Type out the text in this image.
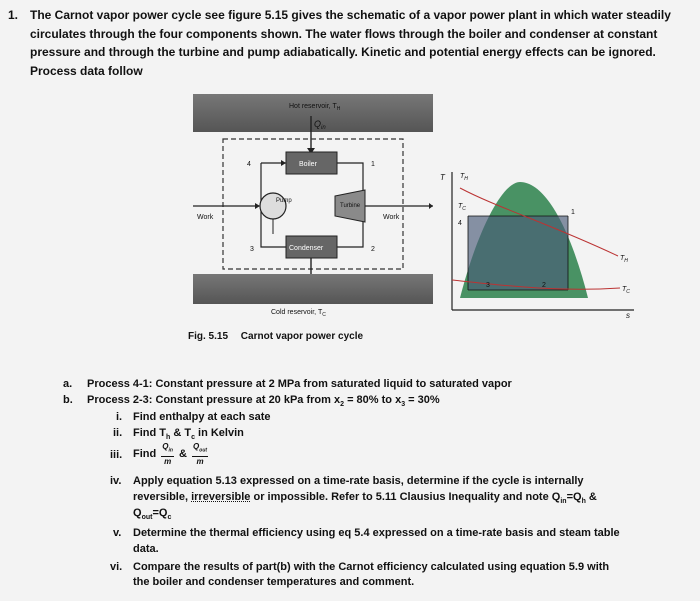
1. The Carnot vapor power cycle see figure 5.15 gives the schematic of a vapor power plant in which water steadily circulates through the four components shown. The water flows through the boiler and condenser at constant pressure and through the turbine and pump adiabatically. Kinetic and potential energy effects can be ignored. Process data follow
Hot reservoir, $T_H$
$Q_{in}$
Boiler
Pump
Turbine
Condenser
Work	Work
4	1
3	2
Cold reservoir, $T_C$
T
s
$T_H$
$T_C$
$T_H$
$T_C$
1
2
3
4
Fig. 5.15 Carnot vapor power cycle
a. Process 4-1: Constant pressure at 2 MPa from saturated liquid to saturated vapor
b. Process 2-3: Constant pressure at 20 kPa from $x_2 = 80\%$ to $x_3 = 30\%$
i. Find enthalpy at each sate
ii. Find $T_h$ & $T_c$ in Kelvin
iii. Find $\frac{Q_{in}}{m}$ & $\frac{Q_{out}}{m}$
iv. Apply equation 5.13 expressed on a time-rate basis, determine if the cycle is internally
reversible, irreversible or impossible. Refer to 5.11 Clausius Inequality and note $Q_{in}=Q_h$ &
$Q_{out}=Q_c$
v. Determine the thermal efficiency using eq 5.4 expressed on a time-rate basis and steam table
data.
vi. Compare the results of part(b) with the Carnot efficiency calculated using equation 5.9 with
the boiler and condenser temperatures and comment.
